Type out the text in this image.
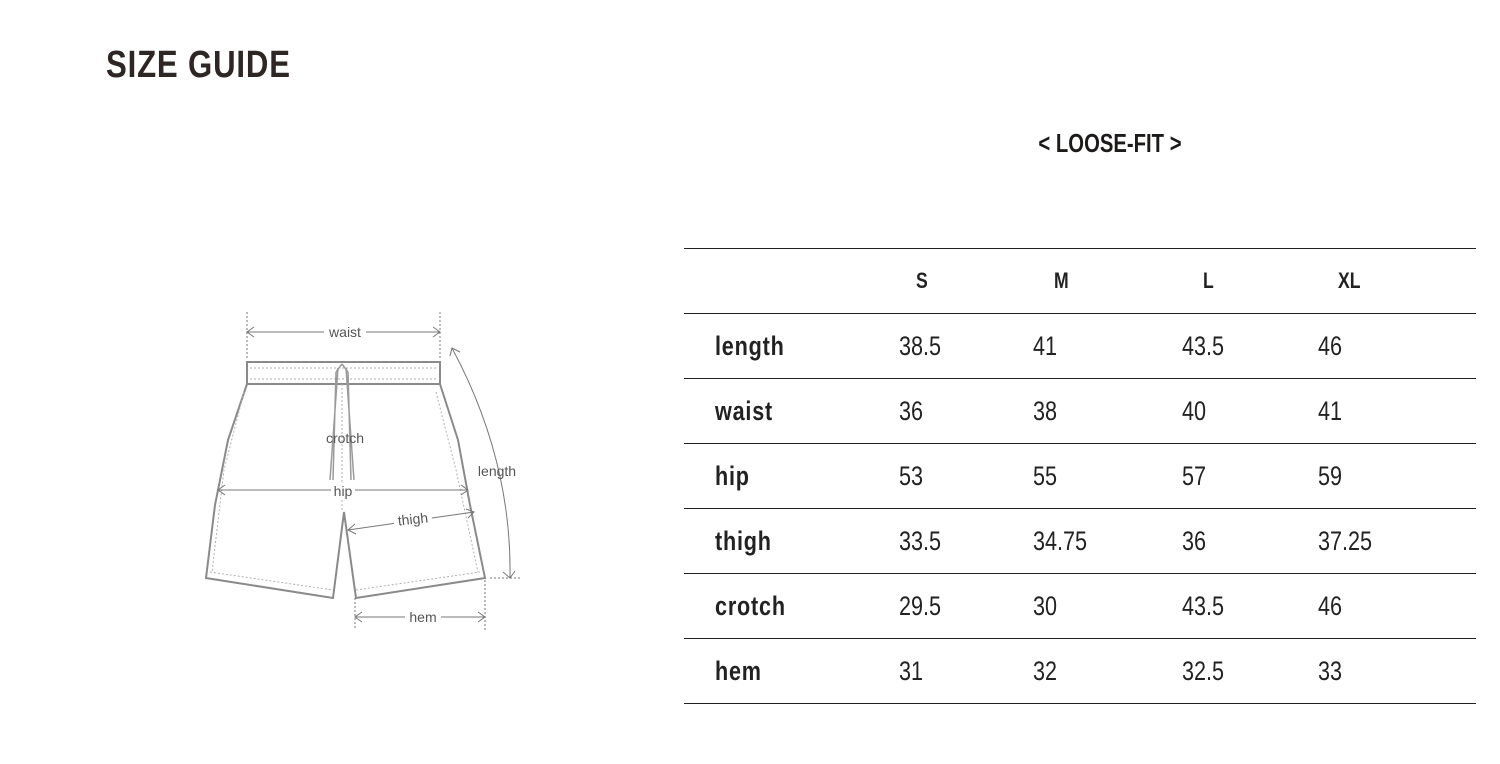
SIZE GUIDE
< LOOSE-FIT >
waist
crotch
hip
thigh
length
hem
	S	M	L	XL
length	38.5	41	43.5	46
waist	36	38	40	41
hip	53	55	57	59
thigh	33.5	34.75	36	37.25
crotch	29.5	30	43.5	46
hem	31	32	32.5	33
